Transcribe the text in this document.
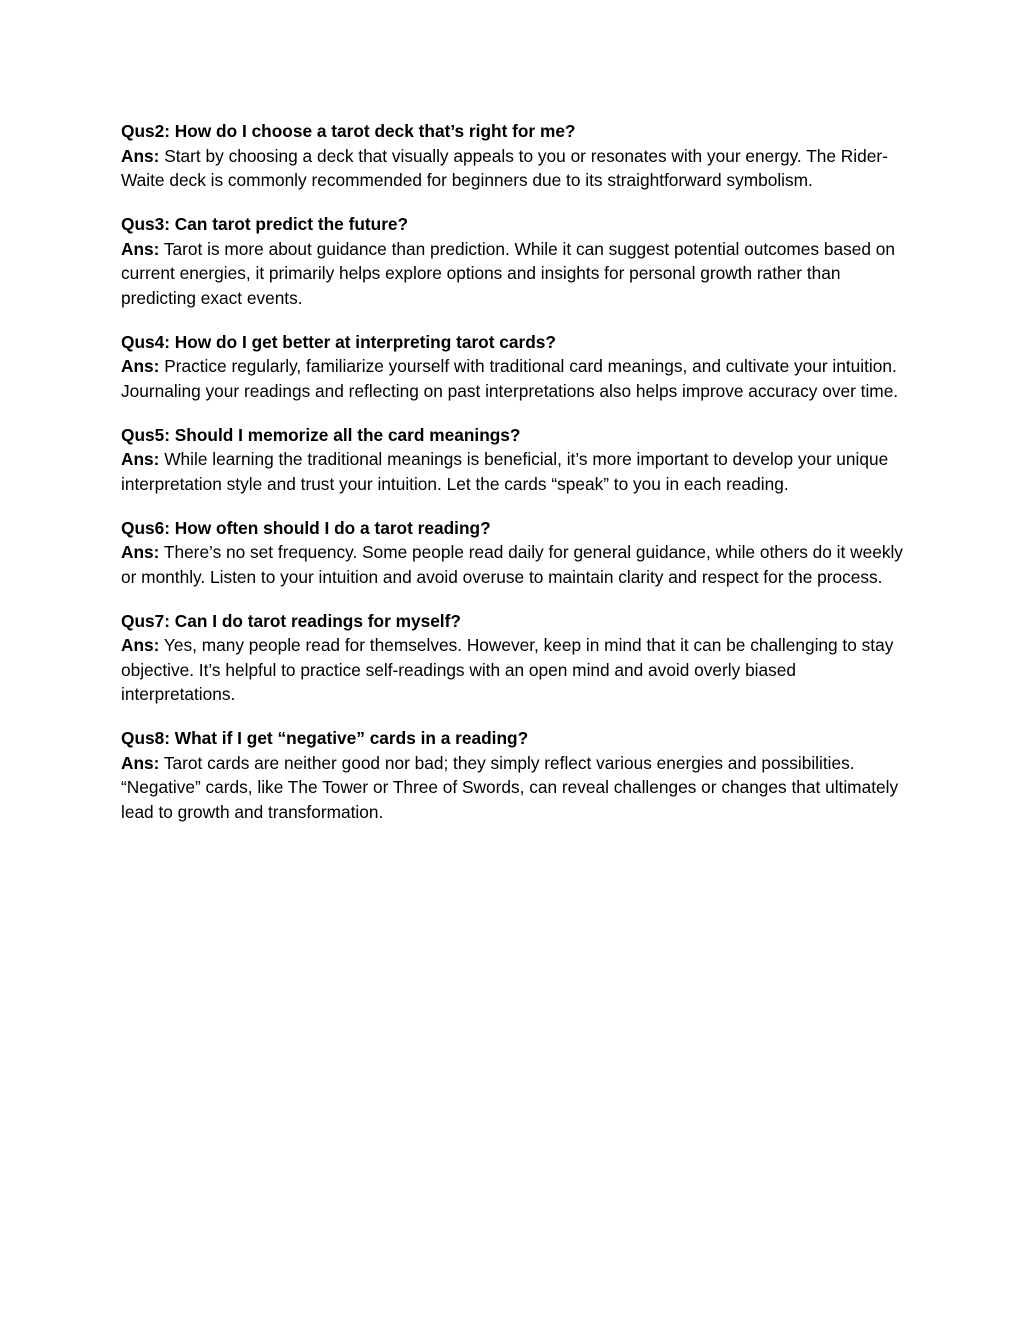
Qus2: How do I choose a tarot deck that’s right for me?

Ans: Start by choosing a deck that visually appeals to you or resonates with your energy. The Rider-Waite deck is commonly recommended for beginners due to its straightforward symbolism.

Qus3: Can tarot predict the future?

Ans: Tarot is more about guidance than prediction. While it can suggest potential outcomes based on current energies, it primarily helps explore options and insights for personal growth rather than predicting exact events.

Qus4: How do I get better at interpreting tarot cards?

Ans: Practice regularly, familiarize yourself with traditional card meanings, and cultivate your intuition. Journaling your readings and reflecting on past interpretations also helps improve accuracy over time.

Qus5: Should I memorize all the card meanings?

Ans: While learning the traditional meanings is beneficial, it’s more important to develop your unique interpretation style and trust your intuition. Let the cards “speak” to you in each reading.

Qus6: How often should I do a tarot reading?

Ans: There’s no set frequency. Some people read daily for general guidance, while others do it weekly or monthly. Listen to your intuition and avoid overuse to maintain clarity and respect for the process.

Qus7: Can I do tarot readings for myself?

Ans: Yes, many people read for themselves. However, keep in mind that it can be challenging to stay objective. It’s helpful to practice self-readings with an open mind and avoid overly biased interpretations.

Qus8: What if I get “negative” cards in a reading?

Ans: Tarot cards are neither good nor bad; they simply reflect various energies and possibilities. “Negative” cards, like The Tower or Three of Swords, can reveal challenges or changes that ultimately lead to growth and transformation.
